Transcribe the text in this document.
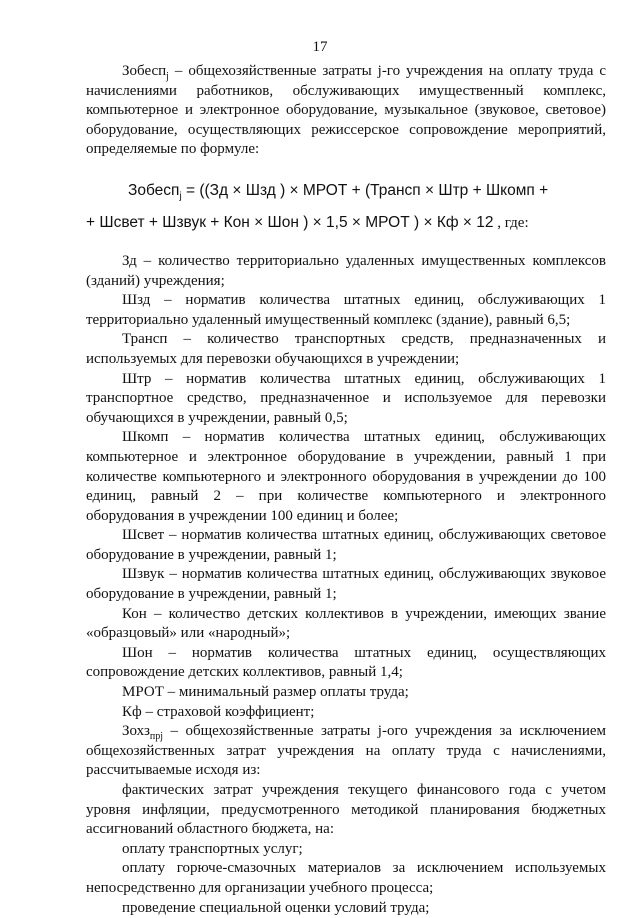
17

Зобесп$_j$ – общехозяйственные затраты j-го учреждения на оплату труда с начислениями работников, обслуживающих имущественный комплекс, компьютерное и электронное оборудование, музыкальное (звуковое, световое) оборудование, осуществляющих режиссерское сопровождение мероприятий, определяемые по формуле:

Зобесп$_j$ = ((Зд × Шзд ) × МРОТ + (Трансп × Штр + Шкомп +
+ Шсвет + Шзвук + Кон × Шон ) × 1,5 × МРОТ ) × Кф × 12 , где:

Зд – количество территориально удаленных имущественных комплексов (зданий) учреждения;

Шзд – норматив количества штатных единиц, обслуживающих 1 территориально удаленный имущественный комплекс (здание), равный 6,5;

Трансп – количество транспортных средств, предназначенных и используемых для перевозки обучающихся в учреждении;

Штр – норматив количества штатных единиц, обслуживающих 1 транспортное средство, предназначенное и используемое для перевозки обучающихся в учреждении, равный 0,5;

Шкомп – норматив количества штатных единиц, обслуживающих компьютерное и электронное оборудование в учреждении, равный 1 при количестве компьютерного и электронного оборудования в учреждении до 100 единиц, равный 2 – при количестве компьютерного и электронного оборудования в учреждении 100 единиц и более;

Шсвет – норматив количества штатных единиц, обслуживающих световое оборудование в учреждении, равный 1;

Шзвук – норматив количества штатных единиц, обслуживающих звуковое оборудование в учреждении, равный 1;

Кон – количество детских коллективов в учреждении, имеющих звание «образцовый» или «народный»;

Шон – норматив количества штатных единиц, осуществляющих сопровождение детских коллективов, равный 1,4;

МРОТ – минимальный размер оплаты труда;

Кф – страховой коэффициент;

Зохз$_{прj}$ – общехозяйственные затраты j-ого учреждения за исключением общехозяйственных затрат учреждения на оплату труда с начислениями, рассчитываемые исходя из:

фактических затрат учреждения текущего финансового года с учетом уровня инфляции, предусмотренного методикой планирования бюджетных ассигнований областного бюджета, на:

оплату транспортных услуг;

оплату горюче-смазочных материалов за исключением используемых непосредственно для организации учебного процесса;

проведение специальной оценки условий труда;
